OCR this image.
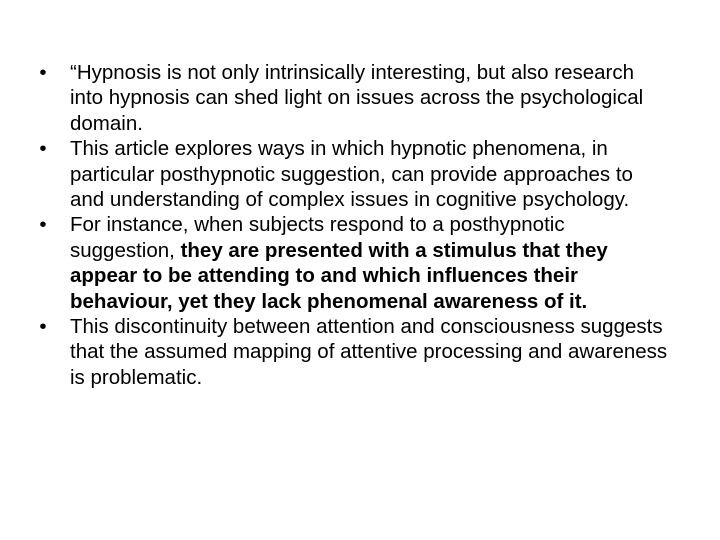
• “Hypnosis is not only intrinsically interesting, but also research into hypnosis can shed light on issues across the psychological domain.
• This article explores ways in which hypnotic phenomena, in particular posthypnotic suggestion, can provide approaches to and understanding of complex issues in cognitive psychology.
• For instance, when subjects respond to a posthypnotic suggestion, they are presented with a stimulus that they appear to be attending to and which influences their behaviour, yet they lack phenomenal awareness of it.
• This discontinuity between attention and consciousness suggests that the assumed mapping of attentive processing and awareness is problematic.
